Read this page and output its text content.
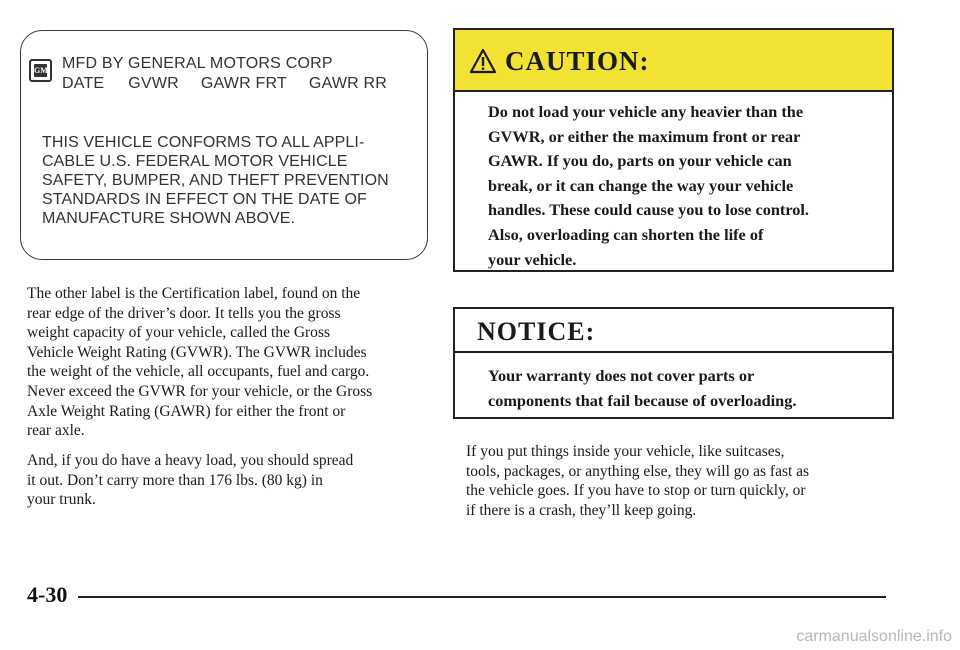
GM MFD BY GENERAL MOTORS CORP
DATE GVWR GAWR FRT GAWR RR
THIS VEHICLE CONFORMS TO ALL APPLI-
CABLE U.S. FEDERAL MOTOR VEHICLE
SAFETY, BUMPER, AND THEFT PREVENTION
STANDARDS IN EFFECT ON THE DATE OF
MANUFACTURE SHOWN ABOVE.
The other label is the Certification label, found on the
rear edge of the driver’s door. It tells you the gross
weight capacity of your vehicle, called the Gross
Vehicle Weight Rating (GVWR). The GVWR includes
the weight of the vehicle, all occupants, fuel and cargo.
Never exceed the GVWR for your vehicle, or the Gross
Axle Weight Rating (GAWR) for either the front or
rear axle.
And, if you do have a heavy load, you should spread
it out. Don’t carry more than 176 lbs. (80 kg) in
your trunk.
CAUTION:
Do not load your vehicle any heavier than the
GVWR, or either the maximum front or rear
GAWR. If you do, parts on your vehicle can
break, or it can change the way your vehicle
handles. These could cause you to lose control.
Also, overloading can shorten the life of
your vehicle.
NOTICE:
Your warranty does not cover parts or
components that fail because of overloading.
If you put things inside your vehicle, like suitcases,
tools, packages, or anything else, they will go as fast as
the vehicle goes. If you have to stop or turn quickly, or
if there is a crash, they’ll keep going.
4-30
carmanualsonline.info
